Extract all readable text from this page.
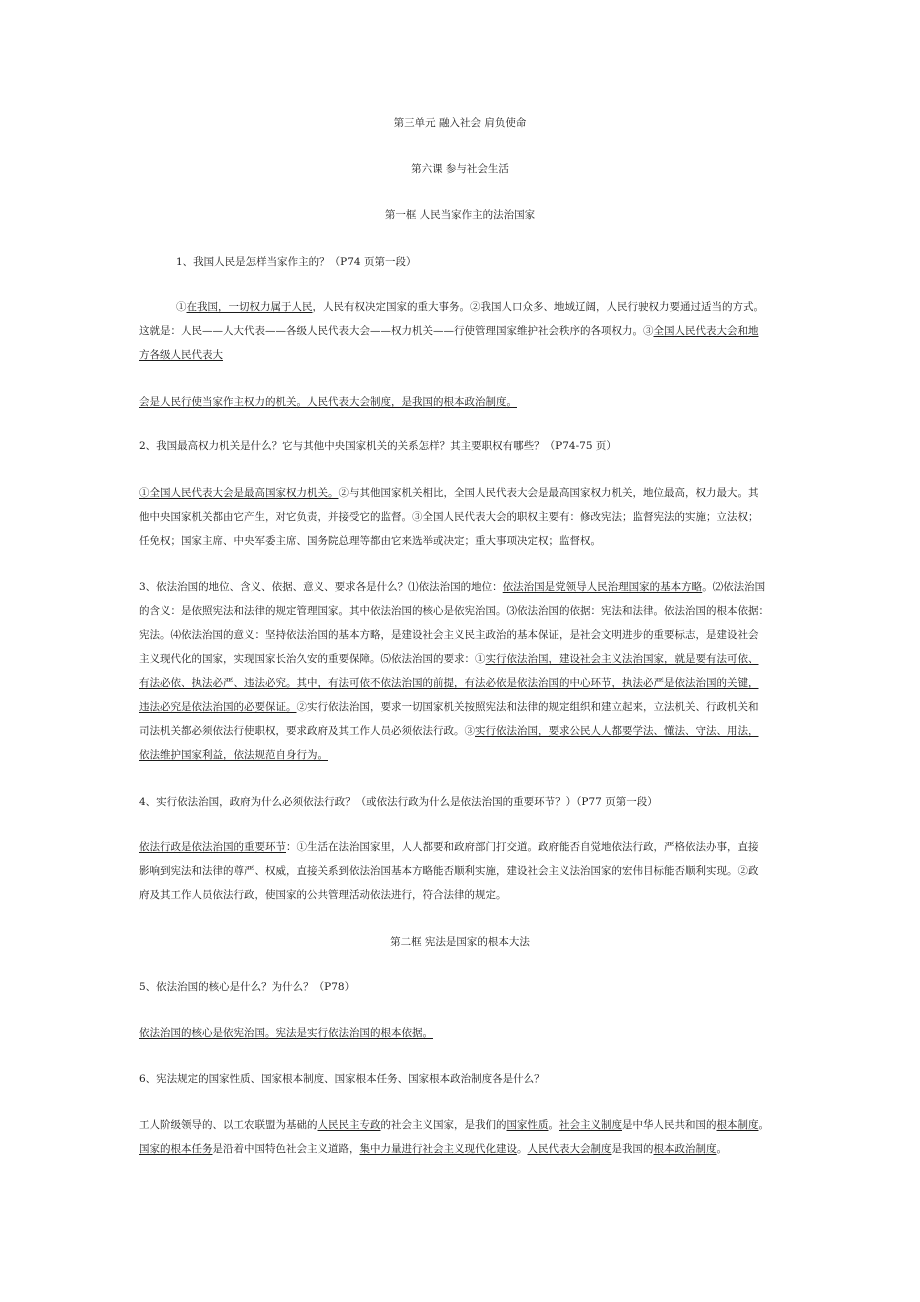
第三单元 融入社会 肩负使命
第六课 参与社会生活
第一框 人民当家作主的法治国家
1、我国人民是怎样当家作主的？（P74 页第一段）
①在我国，一切权力属于人民，人民有权决定国家的重大事务。②我国人口众多、地域辽阔，人民行驶权力要通过适当的方式。
这就是：人民——人大代表——各级人民代表大会——权力机关——行使管理国家维护社会秩序的各项权力。③全国人民代表大会和地
方各级人民代表大
会是人民行使当家作主权力的机关。人民代表大会制度，是我国的根本政治制度。
2、我国最高权力机关是什么？它与其他中央国家机关的关系怎样？其主要职权有哪些？（P74-75 页）
①全国人民代表大会是最高国家权力机关。②与其他国家机关相比，全国人民代表大会是最高国家权力机关，地位最高，权力最大。其
他中央国家机关都由它产生，对它负责，并接受它的监督。③全国人民代表大会的职权主要有：修改宪法；监督宪法的实施；立法权；
任免权；国家主席、中央军委主席、国务院总理等都由它来选举或决定；重大事项决定权；监督权。
3、依法治国的地位、含义、依据、意义、要求各是什么？⑴依法治国的地位：依法治国是党领导人民治理国家的基本方略。⑵依法治国
的含义：是依照宪法和法律的规定管理国家。其中依法治国的核心是依宪治国。⑶依法治国的依据：宪法和法律。依法治国的根本依据：
宪法。⑷依法治国的意义：坚持依法治国的基本方略，是建设社会主义民主政治的基本保证，是社会文明进步的重要标志，是建设社会
主义现代化的国家，实现国家长治久安的重要保障。⑸依法治国的要求：①实行依法治国，建设社会主义法治国家，就是要有法可依、
有法必依、执法必严、违法必究。其中，有法可依不依法治国的前提，有法必依是依法治国的中心环节，执法必严是依法治国的关键，
违法必究是依法治国的必要保证。②实行依法治国，要求一切国家机关按照宪法和法律的规定组织和建立起来，立法机关、行政机关和
司法机关都必须依法行使职权，要求政府及其工作人员必须依法行政。③实行依法治国，要求公民人人都要学法、懂法、守法、用法，
依法维护国家利益，依法规范自身行为。
4、实行依法治国，政府为什么必须依法行政？（或依法行政为什么是依法治国的重要环节？）（P77 页第一段）
依法行政是依法治国的重要环节：①生活在法治国家里，人人都要和政府部门打交道。政府能否自觉地依法行政，严格依法办事，直接
影响到宪法和法律的尊严、权威，直接关系到依法治国基本方略能否顺利实施，建设社会主义法治国家的宏伟目标能否顺利实现。②政
府及其工作人员依法行政，使国家的公共管理活动依法进行，符合法律的规定。
第二框 宪法是国家的根本大法
5、依法治国的核心是什么？为什么？（P78）
依法治国的核心是依宪治国。宪法是实行依法治国的根本依据。
6、宪法规定的国家性质、国家根本制度、国家根本任务、国家根本政治制度各是什么？
工人阶级领导的、以工农联盟为基础的人民民主专政的社会主义国家，是我们的国家性质。社会主义制度是中华人民共和国的根本制度。
国家的根本任务是沿着中国特色社会主义道路，集中力量进行社会主义现代化建设。人民代表大会制度是我国的根本政治制度。
